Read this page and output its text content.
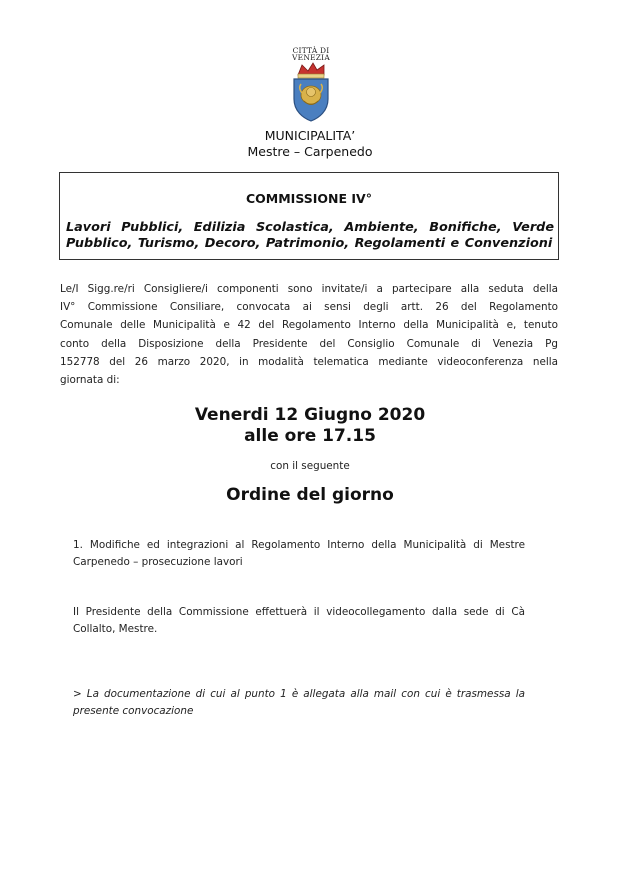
CITTÀ DI
VENEZIA
MUNICIPALITA’
Mestre – Carpenedo
COMMISSIONE IV°
Lavori Pubblici, Edilizia Scolastica, Ambiente, Bonifiche, Verde
Pubblico, Turismo, Decoro, Patrimonio, Regolamenti e Convenzioni
Le/I Sigg.re/ri Consigliere/i componenti sono invitate/i a partecipare alla seduta della
IV° Commissione Consiliare, convocata ai sensi degli artt. 26 del Regolamento
Comunale delle Municipalità e 42 del Regolamento Interno della Municipalità e, tenuto
conto della Disposizione della Presidente del Consiglio Comunale di Venezia Pg
152778 del 26 marzo 2020, in modalità telematica mediante videoconferenza nella
giornata di:
Venerdi 12 Giugno 2020
alle ore 17.15
con il seguente
Ordine del giorno
1. Modifiche ed integrazioni al Regolamento Interno della Municipalità di Mestre
Carpenedo – prosecuzione lavori
Il Presidente della Commissione effettuerà il videocollegamento dalla sede di Cà
Collalto, Mestre.
> La documentazione di cui al punto 1 è allegata alla mail con cui è trasmessa la
presente convocazione
